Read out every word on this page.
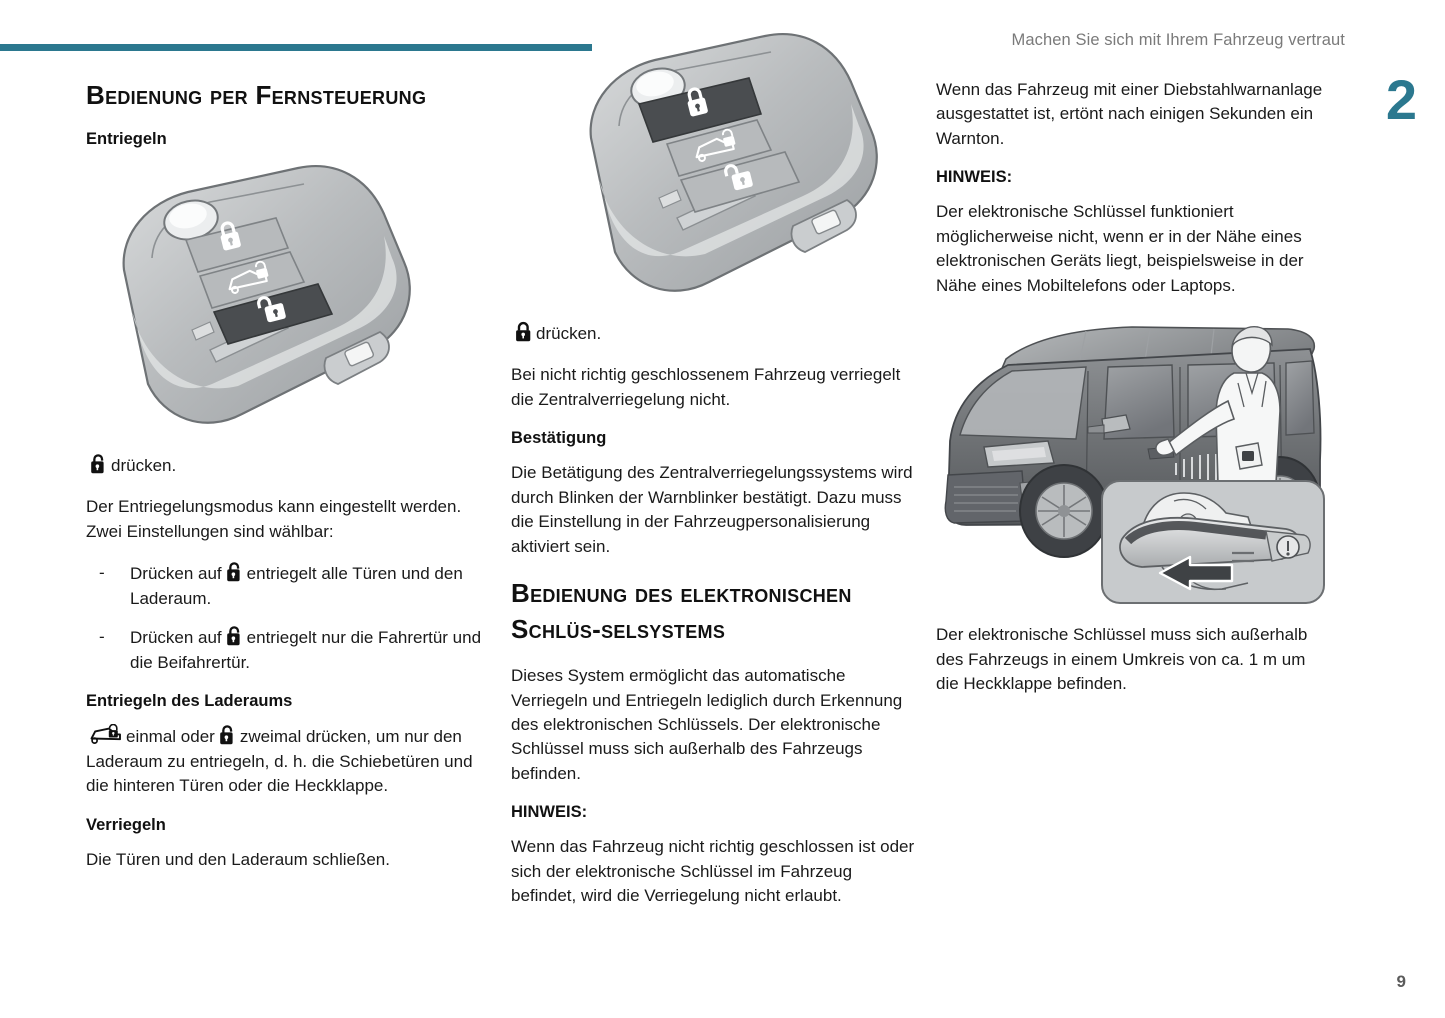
Machen Sie sich mit Ihrem Fahrzeug vertraut
2
9
Bedienung per Fernsteuerung
Entriegeln

drücken.

Der Entriegelungsmodus kann eingestellt werden. Zwei Einstellungen sind wählbar:

- Drücken auf entriegelt alle Türen und den Laderaum.
- Drücken auf entriegelt nur die Fahrertür und die Beifahrertür.
Entriegeln des Laderaums

einmal oder zweimal drücken, um nur den Laderaum zu entriegeln, d. h. die Schiebetüren und die hinteren Türen oder die Heckklappe.

Verriegeln

Die Türen und den Laderaum schließen.

drücken.

Bei nicht richtig geschlossenem Fahrzeug verriegelt die Zentralverriegelung nicht.

Bestätigung

Die Betätigung des Zentralverriegelungssystems wird durch Blinken der Warnblinker bestätigt. Dazu muss die Einstellung in der Fahrzeugpersonalisierung aktiviert sein.

Bedienung des elektronischen Schlüs-selsystems

Dieses System ermöglicht das automatische Verriegeln und Entriegeln lediglich durch Erkennung des elektronischen Schlüssels. Der elektronische Schlüssel muss sich außerhalb des Fahrzeugs befinden.

HINWEIS:

Wenn das Fahrzeug nicht richtig geschlossen ist oder sich der elektronische Schlüssel im Fahrzeug befindet, wird die Verriegelung nicht erlaubt.

Wenn das Fahrzeug mit einer Diebstahlwarnanlage ausgestattet ist, ertönt nach einigen Sekunden ein Warnton.

HINWEIS:

Der elektronische Schlüssel funktioniert möglicherweise nicht, wenn er in der Nähe eines elektronischen Geräts liegt, beispielsweise in der Nähe eines Mobiltelefons oder Laptops.

Der elektronische Schlüssel muss sich außerhalb des Fahrzeugs in einem Umkreis von ca. 1 m um die Heckklappe befinden.
